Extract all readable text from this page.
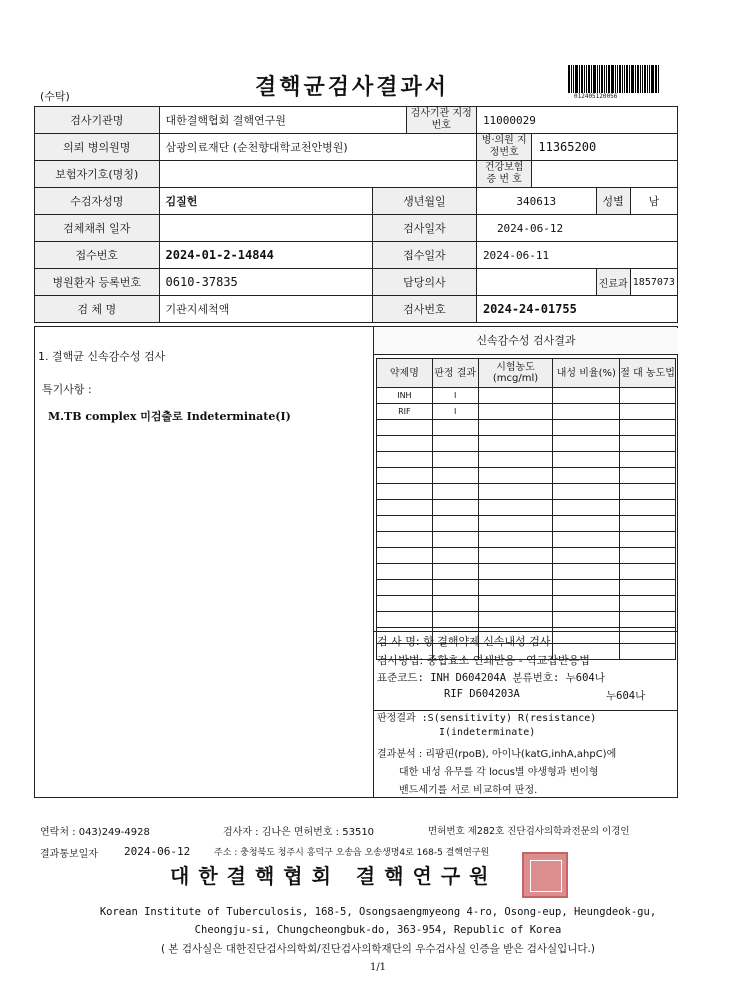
(수탁)	결핵균검사결과서	012405120056
검사기관명	대한결핵협회 결핵연구원		검사기관 지정번호	11000029			
의뢰 병의원명	삼광의료재단 (순천향대학교천안병원)			병·의원 지정번호	11365200		
보험자기호(명칭)				건강보험 증 번 호			
수검자성명	김질헌	생년월일		340613		성별	남
검체채취 일자		검사일자		2024-06-12			
접수번호	2024-01-2-14844	접수일자		2024-06-11			
병원환자 등록번호	0610-37835	담당의사				진료과	1857073
검 체 명	기관지세척액	검사번호		2024-24-01755			
1. 결핵균 신속감수성 검사
특기사항 :
M.TB complex 미검출로 Indeterminate(I)
신속감수성 검사결과
약제명	판정 결과	시험농도 (mcg/ml)	내성 비율(%)	절 대 농도법
INH	I			
RIF	I			

검 사 명: 항 결핵약제 신속내성 검사
검사방법: 중합효소 연쇄반응 - 역교잡반응법
표준코드: INH D604204A 분류번호: 누604나
RIF D604203A	누604나
판정결과 :S(sensitivity) R(resistance)
I(indeterminate)
결과분석 : 리팜핀(rpoB), 아이나(katG,inhA,ahpC)에
대한 내성 유무를 각 locus별 야생형과 변이형
밴드세기를 서로 비교하여 판정.
연락처 : 043)249-4928	검사자 : 김나은 면허번호 : 53510	면허번호 제282호 진단검사의학과전문의 이경인
결과통보일자 2024-06-12	주소 : 충청북도 청주시 흥덕구 오송읍 오송생명4로 168-5 결핵연구원
대한결핵협회 결핵연구원
Korean Institute of Tuberculosis, 168-5, Osongsaengmyeong 4-ro, Osong-eup, Heungdeok-gu,
Cheongju-si, Chungcheongbuk-do, 363-954, Republic of Korea
( 본 검사실은 대한진단검사의학회/진단검사의학재단의 우수검사실 인증을 받은 검사실입니다.)
1/1
